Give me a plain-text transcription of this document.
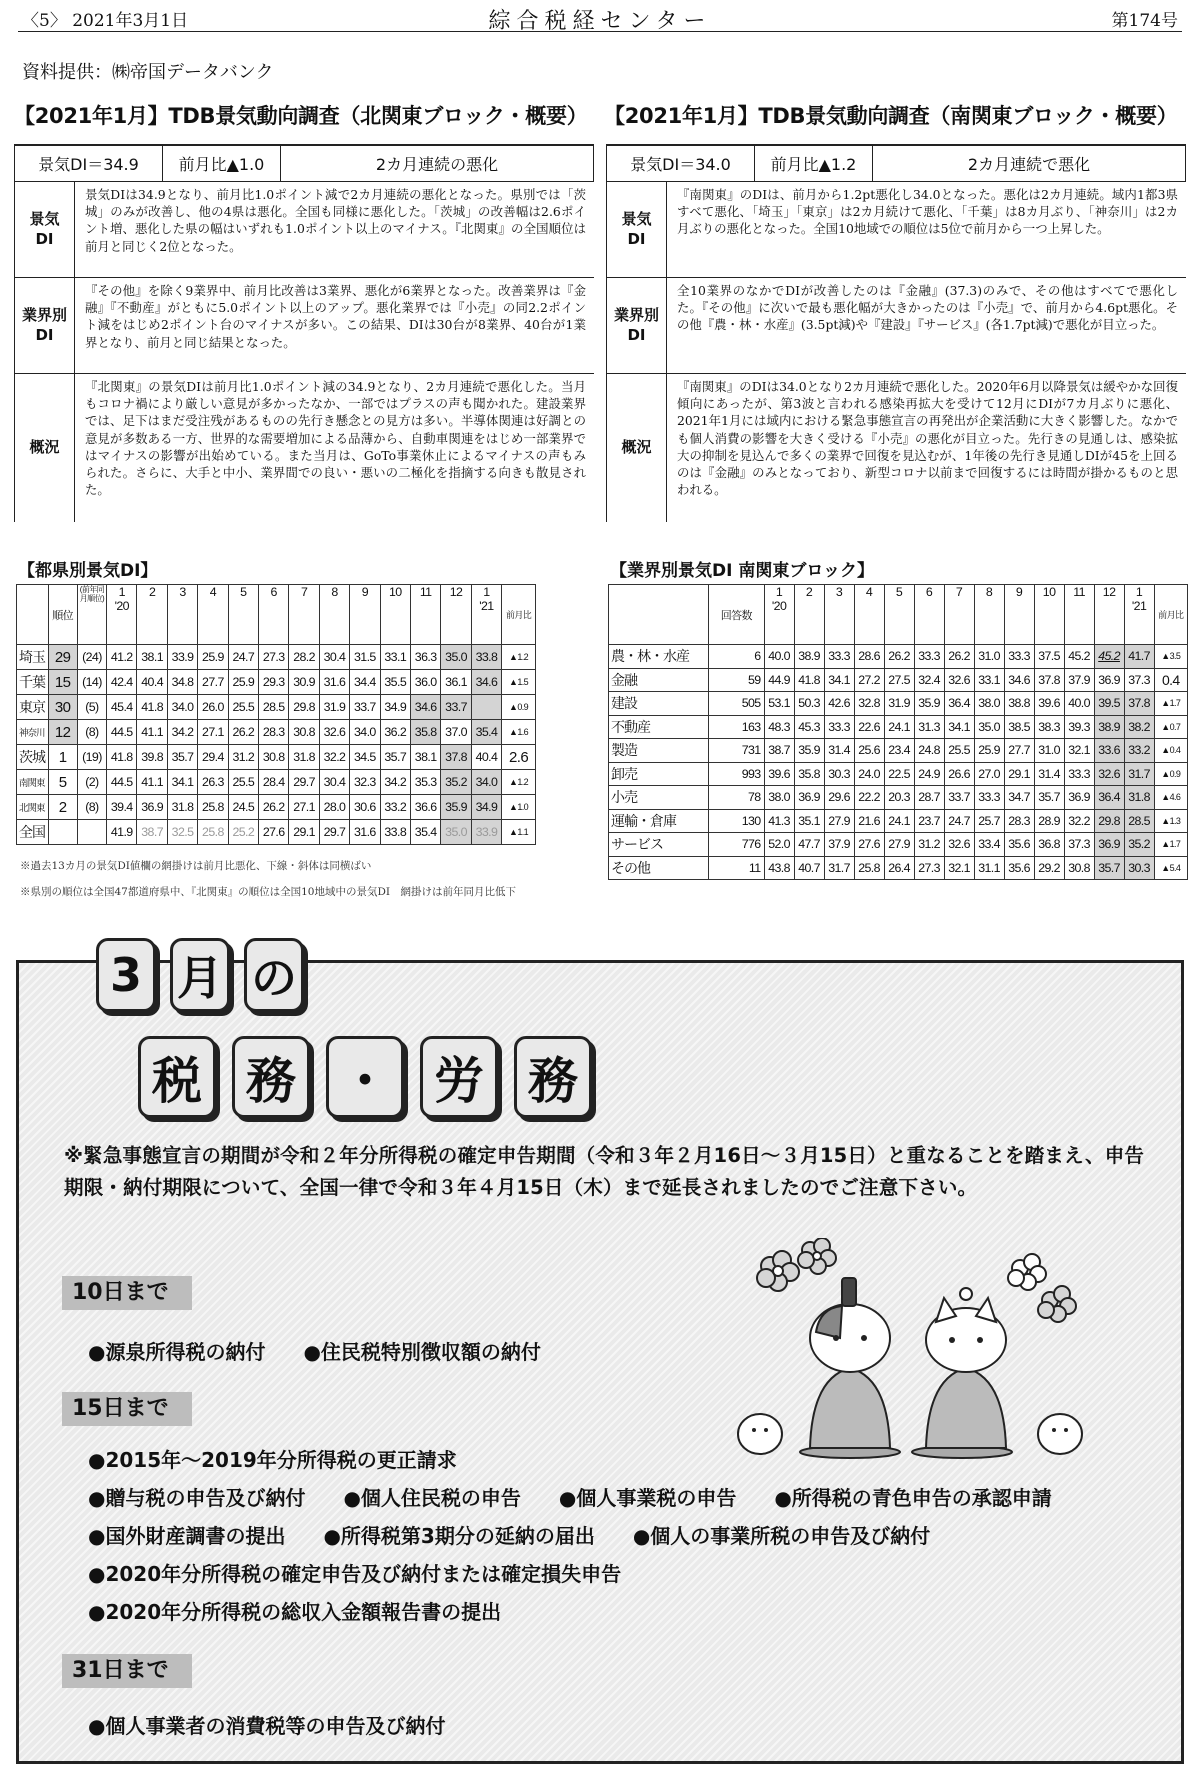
〈5〉 2021年3月1日	綜合税経センター	第174号
資料提供：㈱帝国データバンク
【2021年1月】TDB景気動向調査（北関東ブロック・概要） 【2021年1月】TDB景気動向調査（南関東ブロック・概要）
景気DI＝34.9	前月比▲1.0	2カ月連続の悪化
景気
DI
景気DIは34.9となり、前月比1.0ポイント減で2カ月連続の悪化となった。県別では「茨城」のみが改善し、他の4県は悪化。全国も同様に悪化した。「茨城」の改善幅は2.6ポイント増、悪化した県の幅はいずれも1.0ポイント以上のマイナス。『北関東』の全国順位は前月と同じく2位となった。
業界別
DI
『その他』を除く9業界中、前月比改善は3業界、悪化が6業界となった。改善業界は『金融』『不動産』がともに5.0ポイント以上のアップ。悪化業界では『小売』の同2.2ポイント減をはじめ2ポイント台のマイナスが多い。この結果、DIは30台が8業界、40台が1業界となり、前月と同じ結果となった。
概況
『北関東』の景気DIは前月比1.0ポイント減の34.9となり、2カ月連続で悪化した。当月もコロナ禍により厳しい意見が多かったなか、一部ではプラスの声も聞かれた。建設業界では、足下はまだ受注残があるものの先行き懸念との見方は多い。半導体関連は好調との意見が多数ある一方、世界的な需要増加による品薄から、自動車関連をはじめ一部業界ではマイナスの影響が出始めている。また当月は、GoTo事業休止によるマイナスの声もみられた。さらに、大手と中小、業界間での良い・悪いの二極化を指摘する向きも散見された。
景気DI＝34.0	前月比▲1.2	2カ月連続で悪化
景気
DI
『南関東』のDIは、前月から1.2pt悪化し34.0となった。悪化は2カ月連続。域内1都3県すべて悪化、「埼玉」「東京」は2カ月続けて悪化、「千葉」は8カ月ぶり、「神奈川」は2カ月ぶりの悪化となった。全国10地域での順位は5位で前月から一つ上昇した。
業界別
DI
全10業界のなかでDIが改善したのは『金融』(37.3)のみで、その他はすべてで悪化した。『その他』に次いで最も悪化幅が大きかったのは『小売』で、前月から4.6pt悪化。その他『農・林・水産』(3.5pt減)や『建設』『サービス』(各1.7pt減)で悪化が目立った。
概況
『南関東』のDIは34.0となり2カ月連続で悪化した。2020年6月以降景気は緩やかな回復傾向にあったが、第3波と言われる感染再拡大を受けて12月にDIが7カ月ぶりに悪化、2021年1月には域内における緊急事態宣言の再発出が企業活動に大きく影響した。なかでも個人消費の影響を大きく受ける『小売』の悪化が目立った。先行きの見通しは、感染拡大の抑制を見込んで多くの業界で回復を見込むが、1年後の先行き見通しDIが45を上回るのは『金融』のみとなっており、新型コロナ以前まで回復するには時間が掛かるものと思われる。
【都県別景気DI】	【業界別景気DI 南関東ブロック】
	順位	(前年同月順位)	1
'20	2	3	4	5	6	7	8	9	10	11	12	1
'21	前月比
埼玉	29	(24)	41.2	38.1	33.9	25.9	24.7	27.3	28.2	30.4	31.5	33.1	36.3	35.0	33.8	▲1.2
千葉	15	(14)	42.4	40.4	34.8	27.7	25.9	29.3	30.9	31.6	34.4	35.5	36.0	36.1	34.6	▲1.5
東京	30	(5)	45.4	41.8	34.0	26.0	25.5	28.5	29.8	31.9	33.7	34.9	34.6	33.7		▲0.9
神奈川	12	(8)	44.5	41.1	34.2	27.1	26.2	28.3	30.8	32.6	34.0	36.2	35.8	37.0	35.4	▲1.6
茨城	1	(19)	41.8	39.8	35.7	29.4	31.2	30.8	31.8	32.2	34.5	35.7	38.1	37.8	40.4	2.6
南関東	5	(2)	44.5	41.1	34.1	26.3	25.5	28.4	29.7	30.4	32.3	34.2	35.3	35.2	34.0	▲1.2
北関東	2	(8)	39.4	36.9	31.8	25.8	24.5	26.2	27.1	28.0	30.6	33.2	36.6	35.9	34.9	▲1.0
全国			41.9	38.7	32.5	25.8	25.2	27.6	29.1	29.7	31.6	33.8	35.4	35.0	33.9	▲1.1
	回答数	1
'20	2	3	4	5	6	7	8	9	10	11	12	1
'21	前月比
農・林・水産	6	40.0	38.9	33.3	28.6	26.2	33.3	26.2	31.0	33.3	37.5	45.2	45.2	41.7	▲3.5
金融	59	44.9	41.8	34.1	27.2	27.5	32.4	32.6	33.1	34.6	37.8	37.9	36.9	37.3	0.4
建設	505	53.1	50.3	42.6	32.8	31.9	35.9	36.4	38.0	38.8	39.6	40.0	39.5	37.8	▲1.7
不動産	163	48.3	45.3	33.3	22.6	24.1	31.3	34.1	35.0	38.5	38.3	39.3	38.9	38.2	▲0.7
製造	731	38.7	35.9	31.4	25.6	23.4	24.8	25.5	25.9	27.7	31.0	32.1	33.6	33.2	▲0.4
卸売	993	39.6	35.8	30.3	24.0	22.5	24.9	26.6	27.0	29.1	31.4	33.3	32.6	31.7	▲0.9
小売	78	38.0	36.9	29.6	22.2	20.3	28.7	33.7	33.3	34.7	35.7	36.9	36.4	31.8	▲4.6
運輸・倉庫	130	41.3	35.1	27.9	21.6	24.1	23.7	24.7	25.7	28.3	28.9	32.2	29.8	28.5	▲1.3
サービス	776	52.0	47.7	37.9	27.6	27.9	31.2	32.6	33.4	35.6	36.8	37.3	36.9	35.2	▲1.7
その他	11	43.8	40.7	31.7	25.8	26.4	27.3	32.1	31.1	35.6	29.2	30.8	35.7	30.3	▲5.4
※過去13カ月の景気DI値欄の網掛けは前月比悪化、下線・斜体は同横ばい
※県別の順位は全国47都道府県中、『北関東』の順位は全国10地域中の景気DI　網掛けは前年同月比低下
3 月 の
税 務 ・ 労 務
※緊急事態宣言の期間が令和２年分所得税の確定申告期間（令和３年２月16日〜３月15日）と重なることを踏まえ、申告期限・納付期限について、全国一律で令和３年４月15日（木）まで延長されましたのでご注意下さい。
10日まで
●源泉所得税の納付 ●住民税特別徴収額の納付
15日まで
●2015年～2019年分所得税の更正請求
●贈与税の申告及び納付 ●個人住民税の申告 ●個人事業税の申告 ●所得税の青色申告の承認申請
●国外財産調書の提出 ●所得税第3期分の延納の届出 ●個人の事業所税の申告及び納付
●2020年分所得税の確定申告及び納付または確定損失申告
●2020年分所得税の総収入金額報告書の提出
31日まで
●個人事業者の消費税等の申告及び納付
